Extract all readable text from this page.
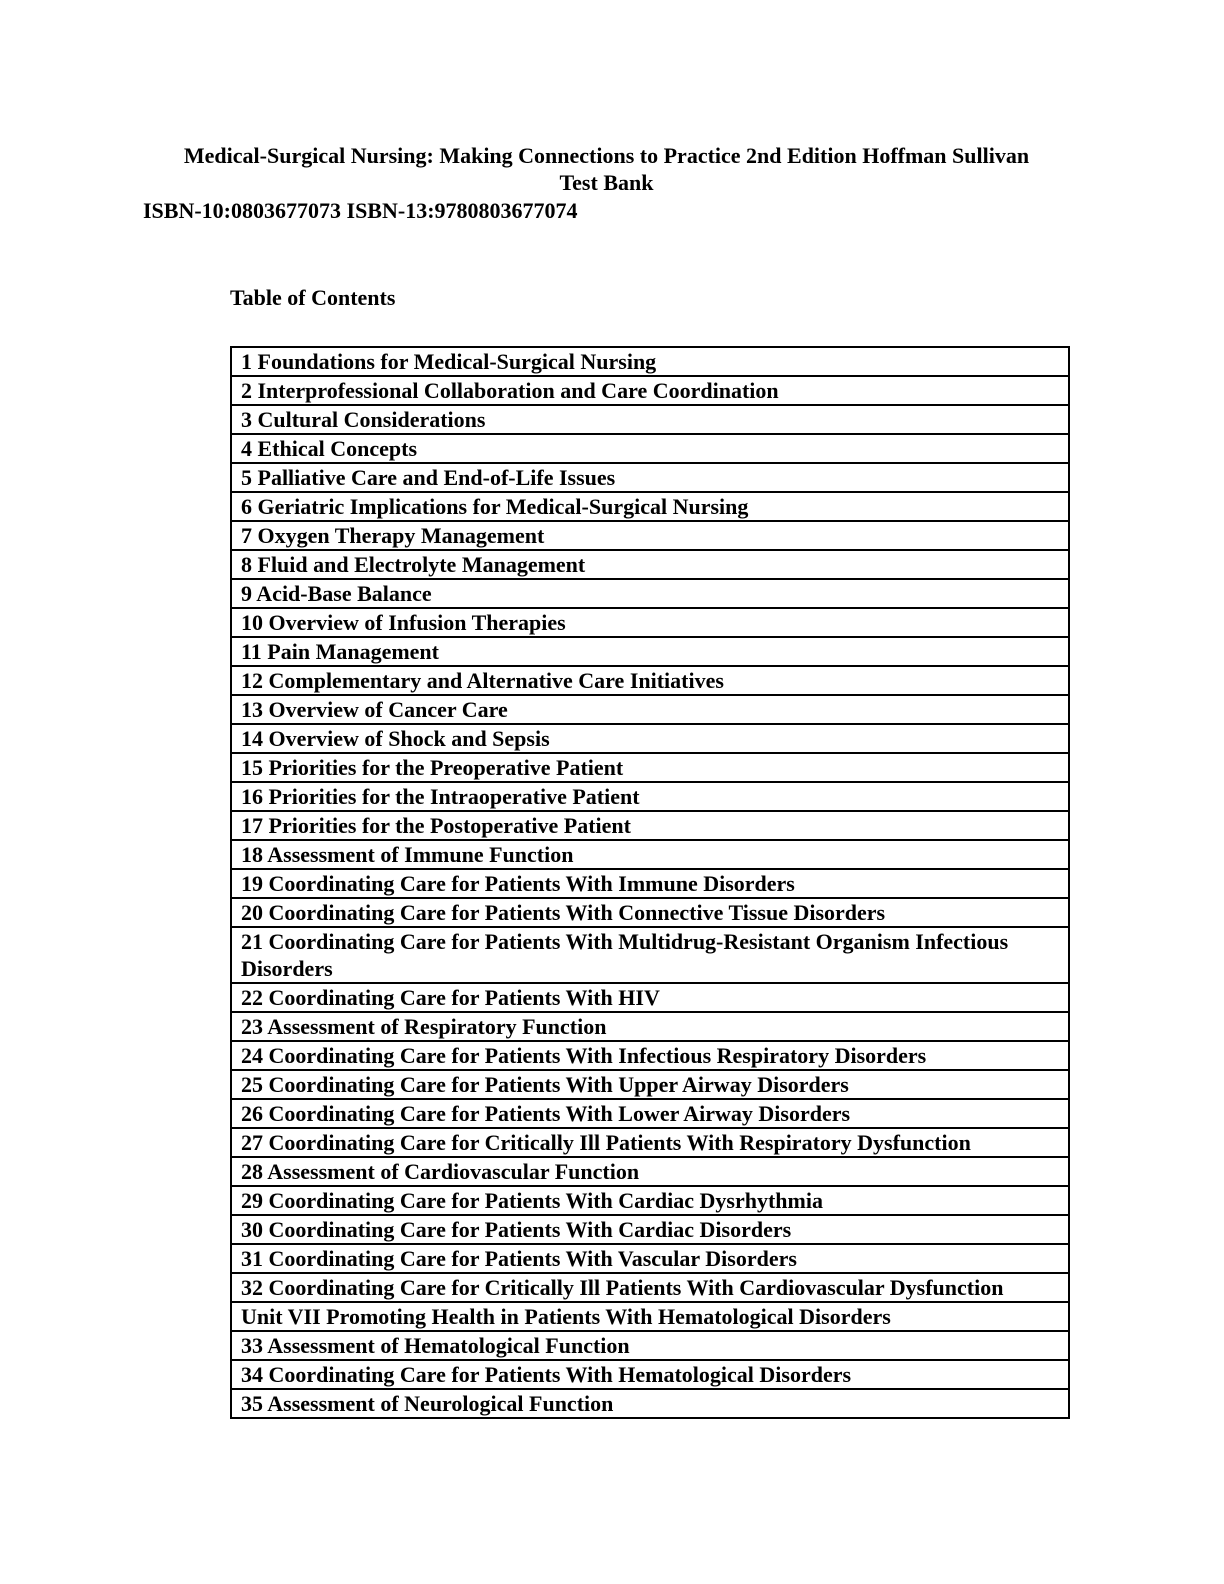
Medical-Surgical Nursing: Making Connections to Practice 2nd Edition Hoffman Sullivan
Test Bank

ISBN-10:0803677073 ISBN-13:9780803677074

Table of Contents
1 Foundations for Medical-Surgical Nursing
2 Interprofessional Collaboration and Care Coordination
3 Cultural Considerations
4 Ethical Concepts
5 Palliative Care and End-of-Life Issues
6 Geriatric Implications for Medical-Surgical Nursing
7 Oxygen Therapy Management
8 Fluid and Electrolyte Management
9 Acid-Base Balance
10 Overview of Infusion Therapies
11 Pain Management
12 Complementary and Alternative Care Initiatives
13 Overview of Cancer Care
14 Overview of Shock and Sepsis
15 Priorities for the Preoperative Patient
16 Priorities for the Intraoperative Patient
17 Priorities for the Postoperative Patient
18 Assessment of Immune Function
19 Coordinating Care for Patients With Immune Disorders
20 Coordinating Care for Patients With Connective Tissue Disorders
21 Coordinating Care for Patients With Multidrug-Resistant Organism Infectious Disorders
22 Coordinating Care for Patients With HIV
23 Assessment of Respiratory Function
24 Coordinating Care for Patients With Infectious Respiratory Disorders
25 Coordinating Care for Patients With Upper Airway Disorders
26 Coordinating Care for Patients With Lower Airway Disorders
27 Coordinating Care for Critically Ill Patients With Respiratory Dysfunction
28 Assessment of Cardiovascular Function
29 Coordinating Care for Patients With Cardiac Dysrhythmia
30 Coordinating Care for Patients With Cardiac Disorders
31 Coordinating Care for Patients With Vascular Disorders
32 Coordinating Care for Critically Ill Patients With Cardiovascular Dysfunction
Unit VII Promoting Health in Patients With Hematological Disorders
33 Assessment of Hematological Function
34 Coordinating Care for Patients With Hematological Disorders
35 Assessment of Neurological Function
